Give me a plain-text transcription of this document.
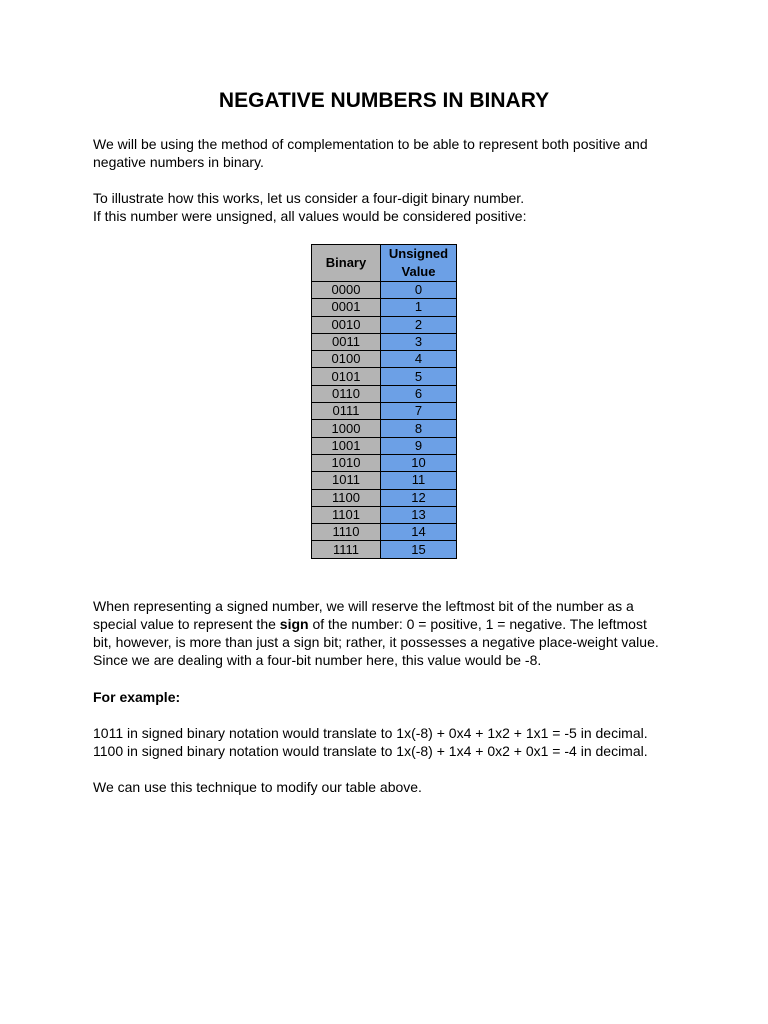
NEGATIVE NUMBERS IN BINARY

We will be using the method of complementation to be able to represent both positive and
negative numbers in binary.

To illustrate how this works, let us consider a four-digit binary number.
If this number were unsigned, all values would be considered positive:

Binary	Unsigned Value
0000	0
0001	1
0010	2
0011	3
0100	4
0101	5
0110	6
0111	7
1000	8
1001	9
1010	10
1011	11
1100	12
1101	13
1110	14
1111	15

When representing a signed number, we will reserve the leftmost bit of the number as a
special value to represent the sign of the number: 0 = positive, 1 = negative. The leftmost
bit, however, is more than just a sign bit; rather, it possesses a negative place-weight value.
Since we are dealing with a four-bit number here, this value would be -8.

For example:

1011 in signed binary notation would translate to 1x(-8) + 0x4 + 1x2 + 1x1 = -5 in decimal.
1100 in signed binary notation would translate to 1x(-8) + 1x4 + 0x2 + 0x1 = -4 in decimal.

We can use this technique to modify our table above.
